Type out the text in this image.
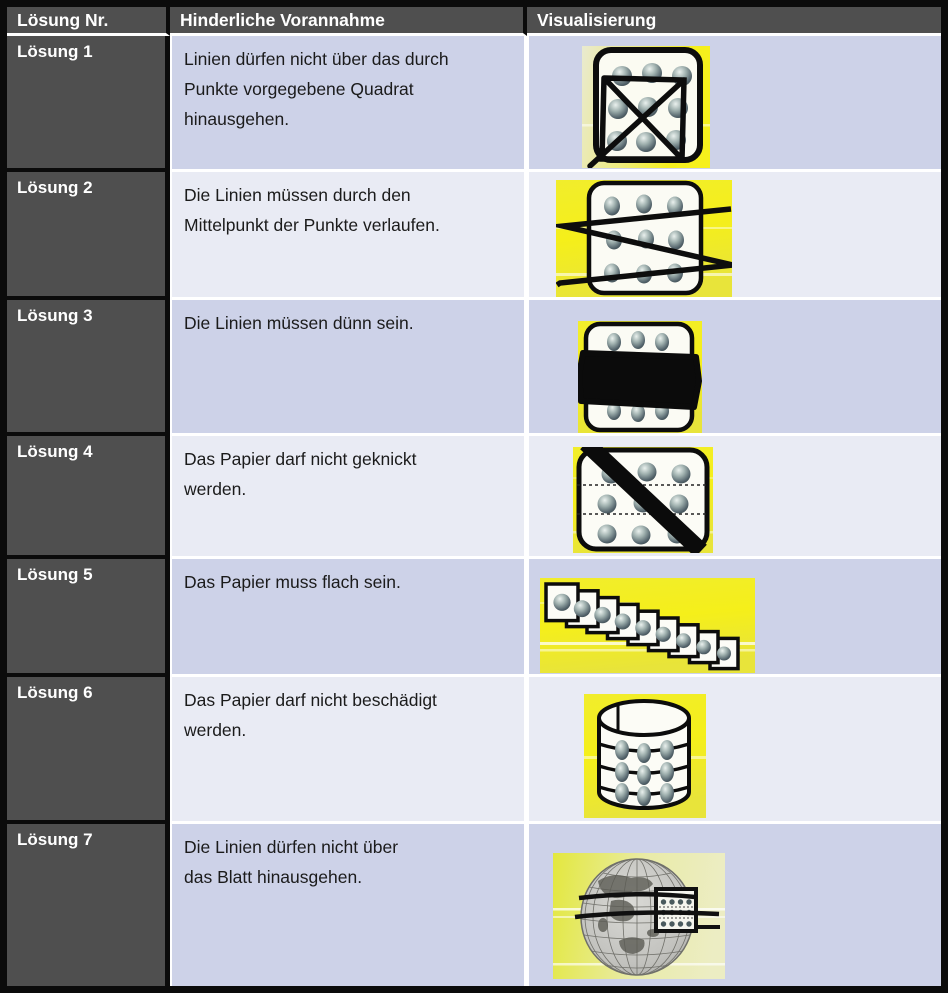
Lösung Nr.	Hinderliche Vorannahme	Visualisierung
Lösung 1	Linien dürfen nicht über das durch
Punkte vorgegebene Quadrat
hinausgehen.
Lösung 2	Die Linien müssen durch den
Mittelpunkt der Punkte verlaufen.
Lösung 3	Die Linien müssen dünn sein.
Lösung 4	Das Papier darf nicht geknickt
werden.
Lösung 5	Das Papier muss flach sein.
Lösung 6	Das Papier darf nicht beschädigt
werden.
Lösung 7	Die Linien dürfen nicht über
das Blatt hinausgehen.
